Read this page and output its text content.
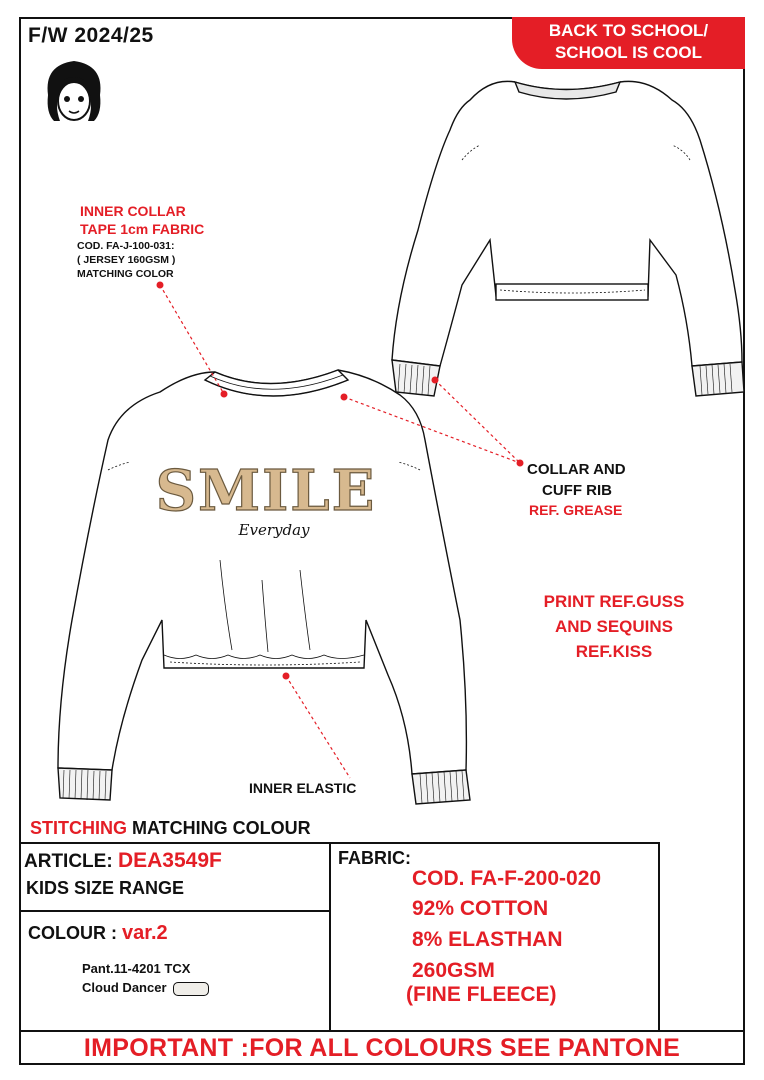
F/W 2024/25	BACK TO SCHOOL/
SCHOOL IS COOL
SMILE
Everyday
INNER COLLAR
TAPE 1cm FABRIC
COD. FA-J-100-031:
( JERSEY 160GSM )
MATCHING COLOR
COLLAR AND
CUFF RIB
REF. GREASE
PRINT REF.GUSS
AND SEQUINS
REF.KISS
INNER ELASTIC
STITCHING MATCHING COLOUR
ARTICLE: DEA3549F
KIDS SIZE RANGE
COLOUR : var.2
Pant.11-4201 TCX
Cloud Dancer
FABRIC:
COD. FA-F-200-020
92% COTTON
8% ELASTHAN
260GSM
(FINE FLEECE)
IMPORTANT :FOR ALL COLOURS SEE PANTONE
